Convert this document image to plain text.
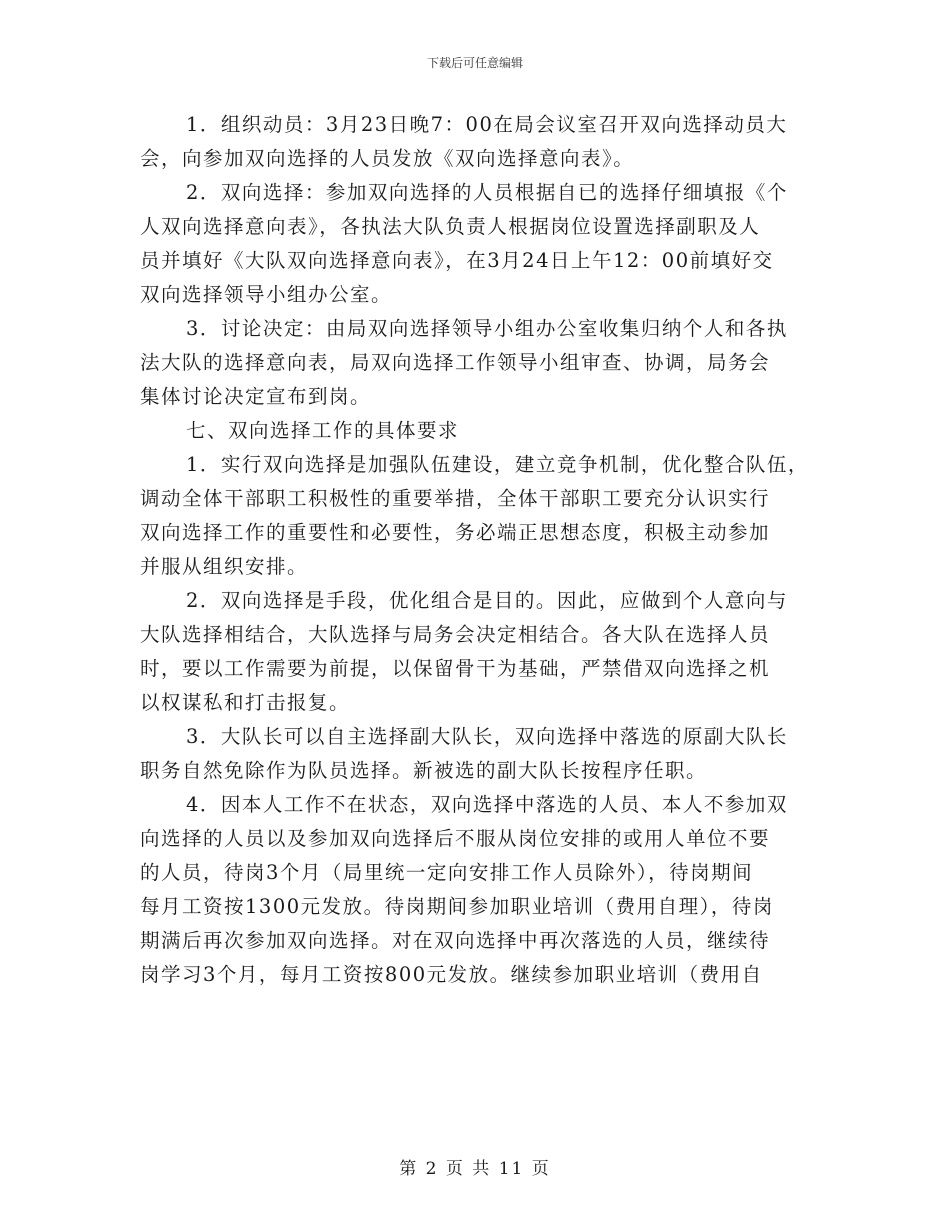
下载后可任意编辑
1．组织动员：3月23日晚7：00在局会议室召开双向选择动员大
会，向参加双向选择的人员发放《双向选择意向表》。
2．双向选择：参加双向选择的人员根据自已的选择仔细填报《个
人双向选择意向表》，各执法大队负责人根据岗位设置选择副职及人
员并填好《大队双向选择意向表》，在3月24日上午12：00前填好交
双向选择领导小组办公室。
3．讨论决定：由局双向选择领导小组办公室收集归纳个人和各执
法大队的选择意向表，局双向选择工作领导小组审查、协调，局务会
集体讨论决定宣布到岗。
七、双向选择工作的具体要求
1．实行双向选择是加强队伍建设，建立竞争机制，优化整合队伍，
调动全体干部职工积极性的重要举措，全体干部职工要充分认识实行
双向选择工作的重要性和必要性，务必端正思想态度，积极主动参加
并服从组织安排。
2．双向选择是手段，优化组合是目的。因此，应做到个人意向与
大队选择相结合，大队选择与局务会决定相结合。各大队在选择人员
时，要以工作需要为前提，以保留骨干为基础，严禁借双向选择之机
以权谋私和打击报复。
3．大队长可以自主选择副大队长，双向选择中落选的原副大队长
职务自然免除作为队员选择。新被选的副大队长按程序任职。
4．因本人工作不在状态，双向选择中落选的人员、本人不参加双
向选择的人员以及参加双向选择后不服从岗位安排的或用人单位不要
的人员，待岗3个月（局里统一定向安排工作人员除外），待岗期间
每月工资按1300元发放。待岗期间参加职业培训（费用自理），待岗
期满后再次参加双向选择。对在双向选择中再次落选的人员，继续待
岗学习3个月，每月工资按800元发放。继续参加职业培训（费用自
第 2 页 共 11 页
